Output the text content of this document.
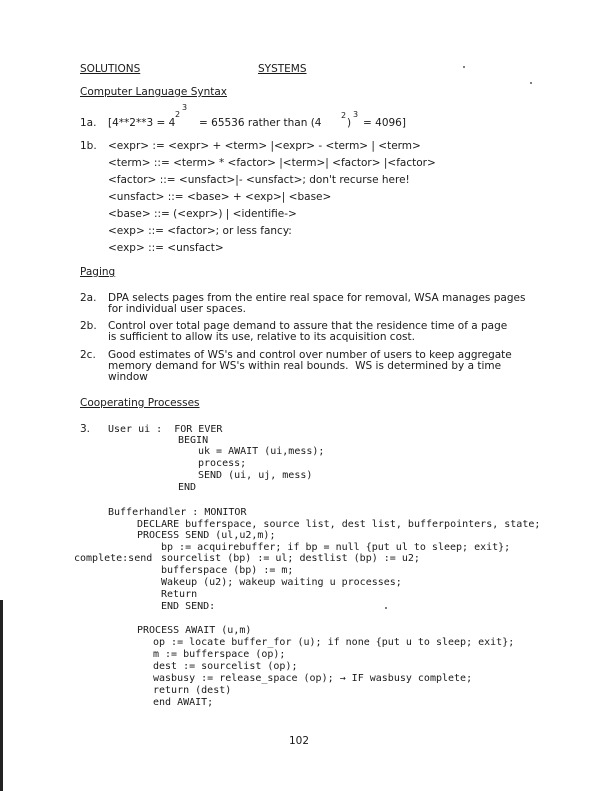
SOLUTIONS	SYSTEMS
Computer Language Syntax
1a. [4**2**3 = 4
2
3
= 65536 rather than (4
2
)
3
= 4096]
1b. <expr> := <expr> + <term> |<expr> - <term> | <term>
<term> ::= <term> * <factor> |<term>| <factor> |<factor>
<factor> ::= <unsfact>|- <unsfact>; don't recurse here!
<unsfact> ::= <base> + <exp>| <base>
<base> ::= (<expr>) | <identifie->
<exp> ::= <factor>; or less fancy:
<exp> ::= <unsfact>
Paging
2a. DPA selects pages from the entire real space for removal, WSA manages pages
for individual user spaces.
2b. Control over total page demand to assure that the residence time of a page
is sufficient to allow its use, relative to its acquisition cost.
2c. Good estimates of WS's and control over number of users to keep aggregate
memory demand for WS's within real bounds.  WS is determined by a time
window
Cooperating Processes
3. User ui :  FOR EVER
BEGIN
uk = AWAIT (ui,mess);
process;
SEND (ui, uj, mess)
END
Bufferhandler : MONITOR
DECLARE bufferspace, source list, dest list, bufferpointers, state;
PROCESS SEND (ul,u2,m);
bp := acquirebuffer; if bp = null {put ul to sleep; exit};
complete:send sourcelist (bp) := ul; destlist (bp) := u2;
bufferspace (bp) := m;
Wakeup (u2); wakeup waiting u processes;
Return
END SEND:
PROCESS AWAIT (u,m)
op := locate buffer_for (u); if none {put u to sleep; exit};
m := bufferspace (op);
dest := sourcelist (op);
wasbusy := release_space (op); → IF wasbusy complete;
return (dest)
end AWAIT;
102
